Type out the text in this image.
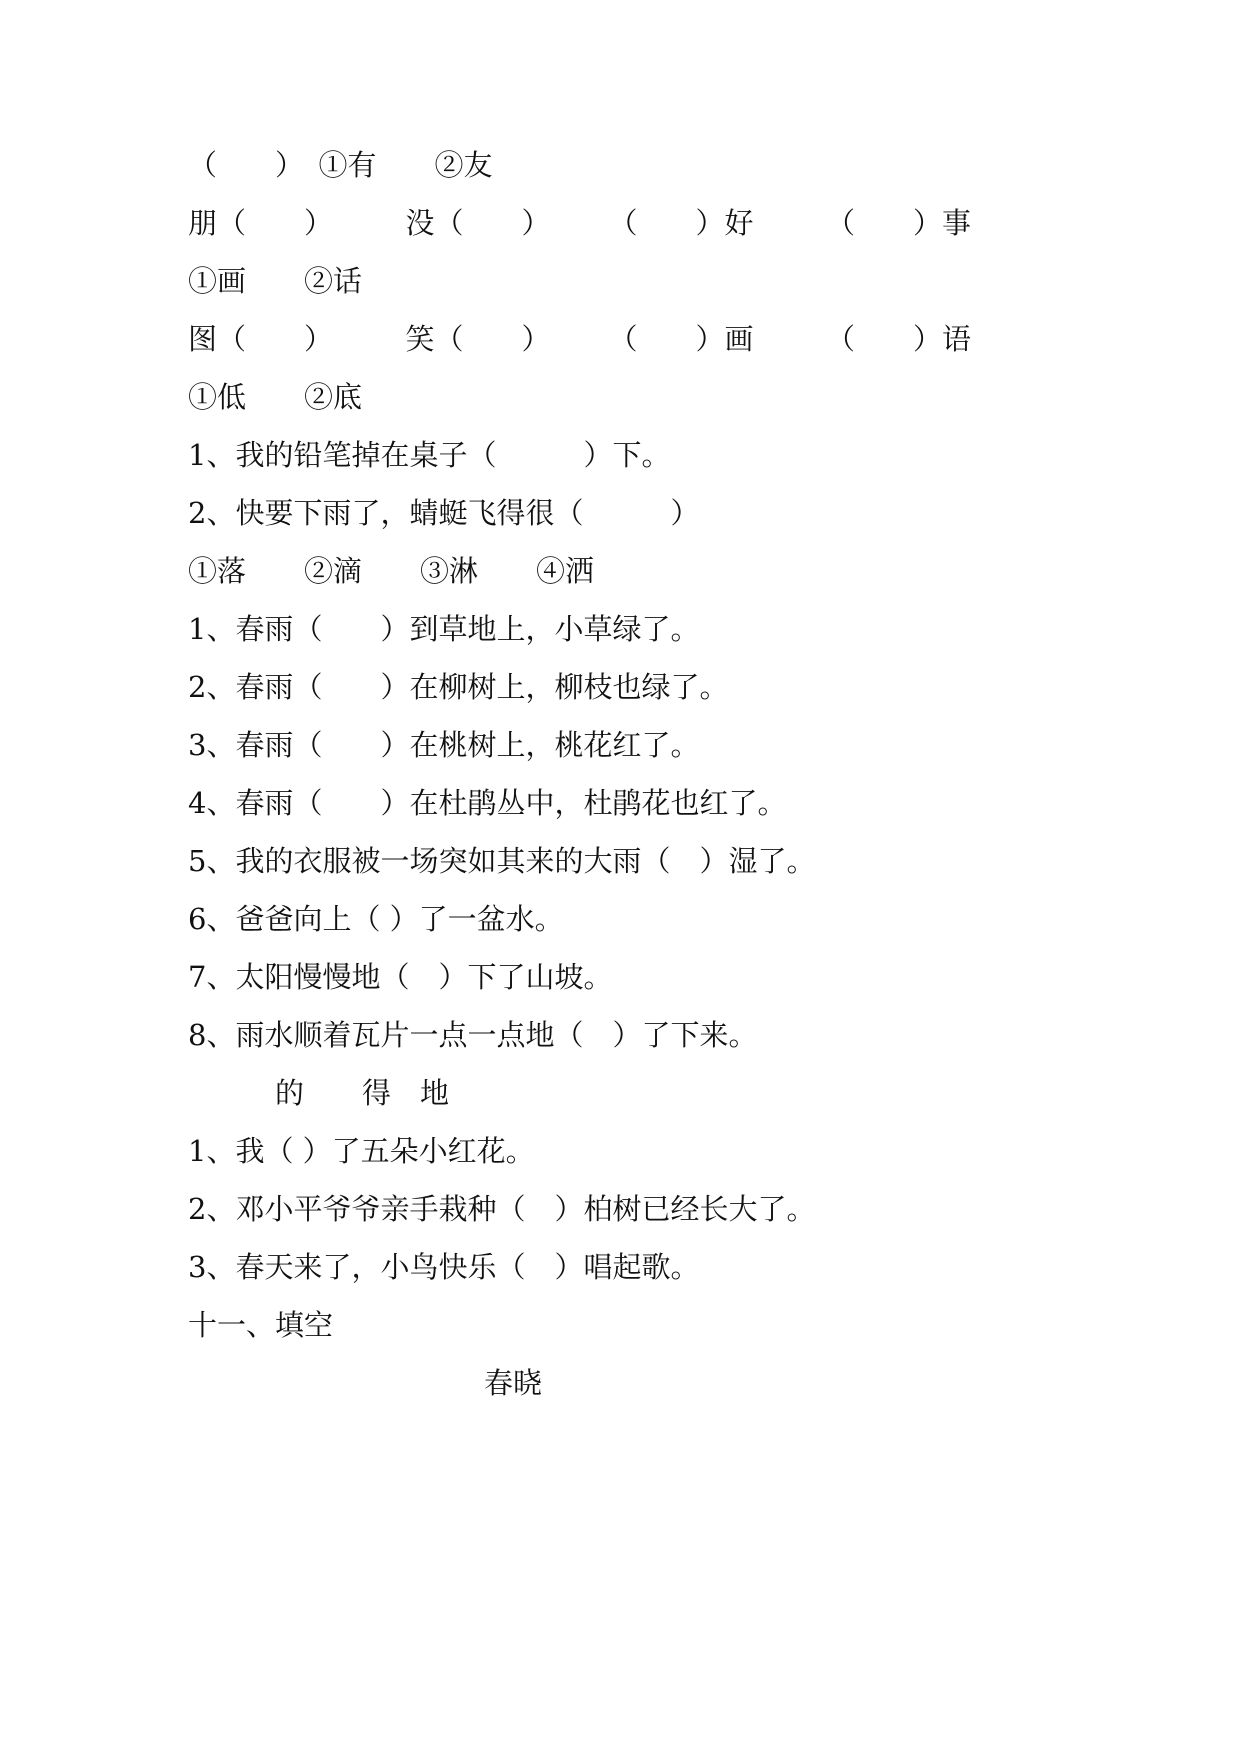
（　　）　①有　　②友
朋（　　）　　　没（　　）　　　（　　）好　　　（　　）事
①画　　②话
图（　　）　　　笑（　　）　　　（　　）画　　　（　　）语
①低　　②底
1、我的铅笔掉在桌子（　　　）下。
2、快要下雨了，蜻蜓飞得很（　　　）
①落　　②滴　　③淋　　④洒
1、春雨（　　）到草地上，小草绿了。
2、春雨（　　）在柳树上，柳枝也绿了。
3、春雨（　　）在桃树上，桃花红了。
4、春雨（　　）在杜鹃丛中，杜鹃花也红了。
5、我的衣服被一场突如其来的大雨（　）湿了。
6、爸爸向上（ ）了一盆水。
7、太阳慢慢地（　）下了山坡。
8、雨水顺着瓦片一点一点地（　）了下来。
　　　的　　得　地
1、我（ ）了五朵小红花。
2、邓小平爷爷亲手栽种（　）柏树已经长大了。
3、春天来了，小鸟快乐（　）唱起歌。
十一、填空
春晓
